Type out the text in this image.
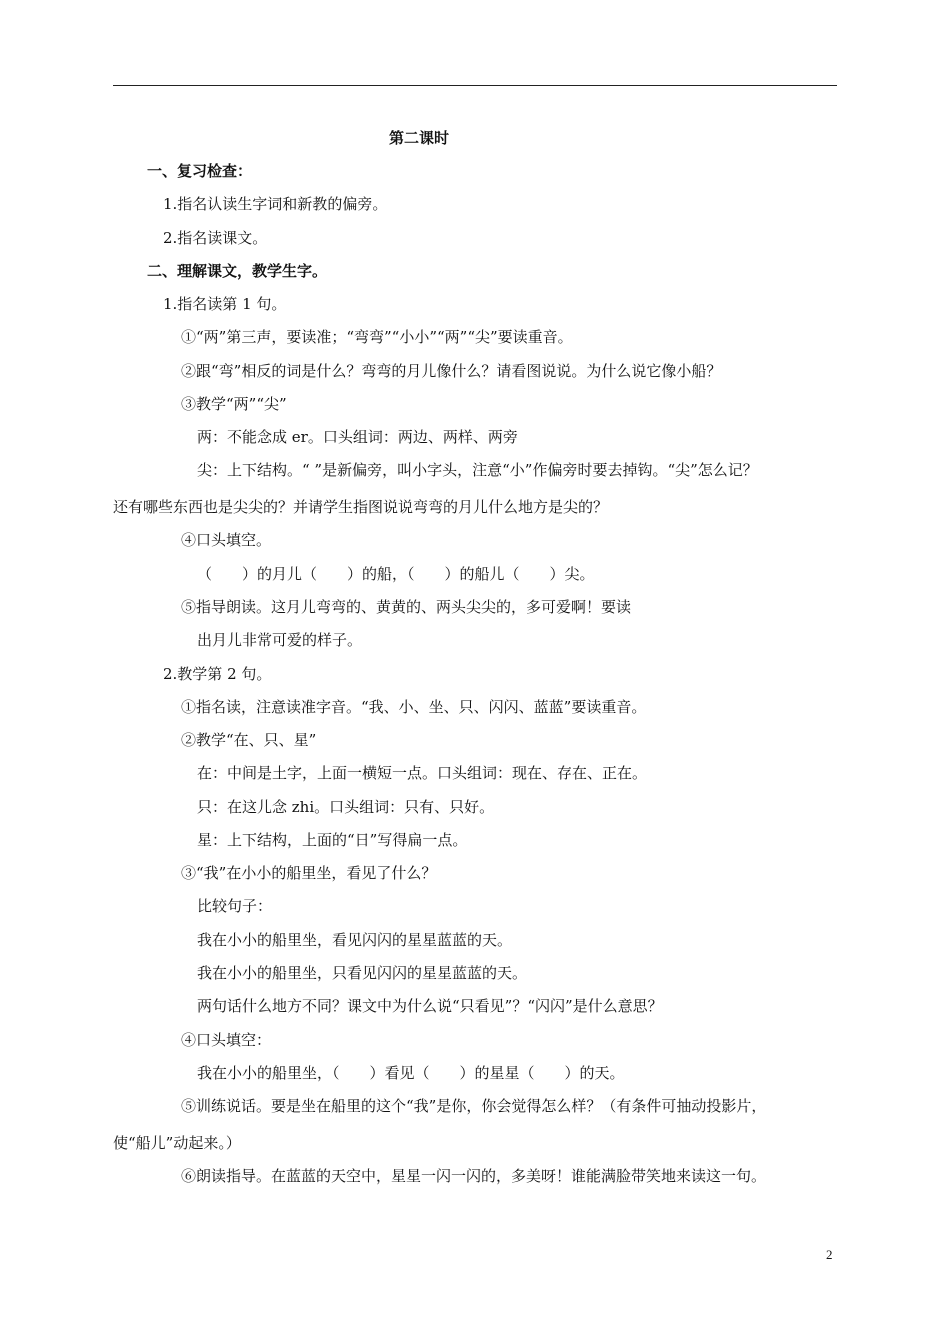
第二课时
一、复习检查：
1.指名认读生字词和新教的偏旁。
2.指名读课文。
二、理解课文，教学生字。
1.指名读第 1 句。
①“两”第三声，要读准；“弯弯”“小小”“两”“尖”要读重音。
②跟“弯”相反的词是什么？弯弯的月儿像什么？请看图说说。为什么说它像小船？
③教学“两”“尖”
两：不能念成 er。口头组词：两边、两样、两旁
尖：上下结构。“ ”是新偏旁，叫小字头，注意“小”作偏旁时要去掉钩。“尖”怎么记？
还有哪些东西也是尖尖的？并请学生指图说说弯弯的月儿什么地方是尖的？
④口头填空。
（　　）的月儿（　　）的船，（　　）的船儿（　　）尖。
⑤指导朗读。这月儿弯弯的、黄黄的、两头尖尖的，多可爱啊！要读
出月儿非常可爱的样子。
2.教学第 2 句。
①指名读，注意读准字音。“我、小、坐、只、闪闪、蓝蓝”要读重音。
②教学“在、只、星”
在：中间是土字，上面一横短一点。口头组词：现在、存在、正在。
只：在这儿念 zhi。口头组词：只有、只好。
星：上下结构，上面的“日”写得扁一点。
③“我”在小小的船里坐，看见了什么？
比较句子：
我在小小的船里坐，看见闪闪的星星蓝蓝的天。
我在小小的船里坐，只看见闪闪的星星蓝蓝的天。
两句话什么地方不同？课文中为什么说“只看见”？“闪闪”是什么意思？
④口头填空：
我在小小的船里坐，（　　）看见（　　）的星星（　　）的天。
⑤训练说话。要是坐在船里的这个“我”是你，你会觉得怎么样？（有条件可抽动投影片，
使“船儿”动起来。）
⑥朗读指导。在蓝蓝的天空中，星星一闪一闪的，多美呀！谁能满脸带笑地来读这一句。
2
